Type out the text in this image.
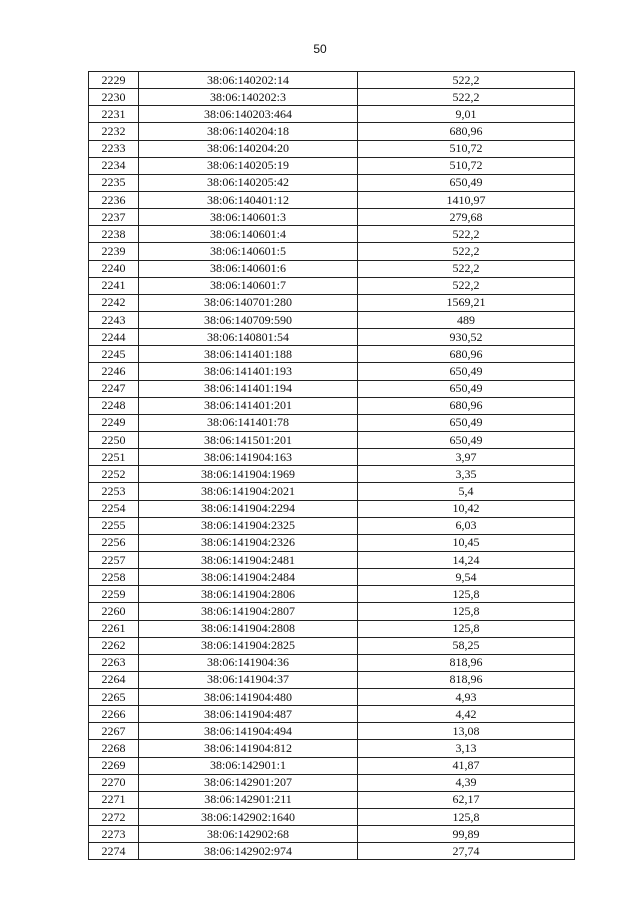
50
2229	38:06:140202:14	522,2
2230	38:06:140202:3	522,2
2231	38:06:140203:464	9,01
2232	38:06:140204:18	680,96
2233	38:06:140204:20	510,72
2234	38:06:140205:19	510,72
2235	38:06:140205:42	650,49
2236	38:06:140401:12	1410,97
2237	38:06:140601:3	279,68
2238	38:06:140601:4	522,2
2239	38:06:140601:5	522,2
2240	38:06:140601:6	522,2
2241	38:06:140601:7	522,2
2242	38:06:140701:280	1569,21
2243	38:06:140709:590	489
2244	38:06:140801:54	930,52
2245	38:06:141401:188	680,96
2246	38:06:141401:193	650,49
2247	38:06:141401:194	650,49
2248	38:06:141401:201	680,96
2249	38:06:141401:78	650,49
2250	38:06:141501:201	650,49
2251	38:06:141904:163	3,97
2252	38:06:141904:1969	3,35
2253	38:06:141904:2021	5,4
2254	38:06:141904:2294	10,42
2255	38:06:141904:2325	6,03
2256	38:06:141904:2326	10,45
2257	38:06:141904:2481	14,24
2258	38:06:141904:2484	9,54
2259	38:06:141904:2806	125,8
2260	38:06:141904:2807	125,8
2261	38:06:141904:2808	125,8
2262	38:06:141904:2825	58,25
2263	38:06:141904:36	818,96
2264	38:06:141904:37	818,96
2265	38:06:141904:480	4,93
2266	38:06:141904:487	4,42
2267	38:06:141904:494	13,08
2268	38:06:141904:812	3,13
2269	38:06:142901:1	41,87
2270	38:06:142901:207	4,39
2271	38:06:142901:211	62,17
2272	38:06:142902:1640	125,8
2273	38:06:142902:68	99,89
2274	38:06:142902:974	27,74
